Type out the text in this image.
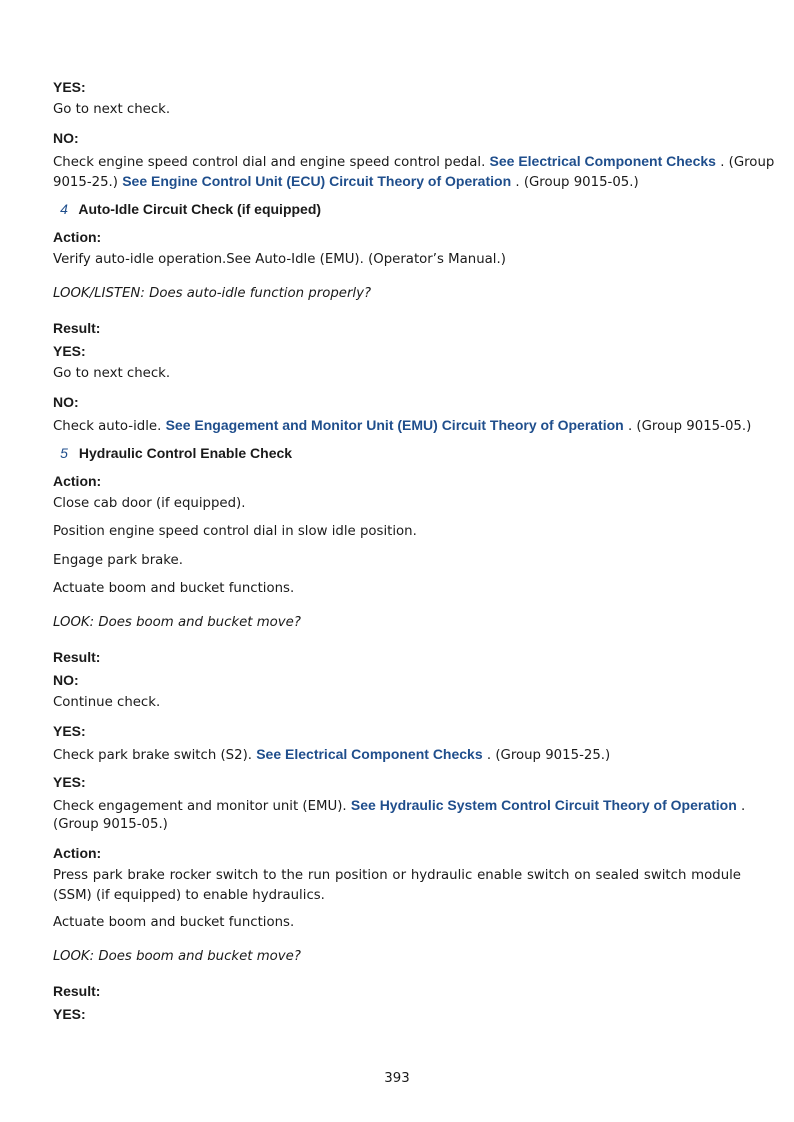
YES:
Go to next check.
NO:
Check engine speed control dial and engine speed control pedal. See Electrical Component Checks . (Group
9015-25.) See Engine Control Unit (ECU) Circuit Theory of Operation . (Group 9015-05.)
4 Auto-Idle Circuit Check (if equipped)
Action:
Verify auto-idle operation.See Auto-Idle (EMU). (Operator’s Manual.)
LOOK/LISTEN: Does auto-idle function properly?
Result:
YES:
Go to next check.
NO:
Check auto-idle. See Engagement and Monitor Unit (EMU) Circuit Theory of Operation . (Group 9015-05.)
5 Hydraulic Control Enable Check
Action:
Close cab door (if equipped).
Position engine speed control dial in slow idle position.
Engage park brake.
Actuate boom and bucket functions.
LOOK: Does boom and bucket move?
Result:
NO:
Continue check.
YES:
Check park brake switch (S2). See Electrical Component Checks . (Group 9015-25.)
YES:
Check engagement and monitor unit (EMU). See Hydraulic System Control Circuit Theory of Operation .
(Group 9015-05.)
Action:
Press park brake rocker switch to the run position or hydraulic enable switch on sealed switch module
(SSM) (if equipped) to enable hydraulics.
Actuate boom and bucket functions.
LOOK: Does boom and bucket move?
Result:
YES:
393
